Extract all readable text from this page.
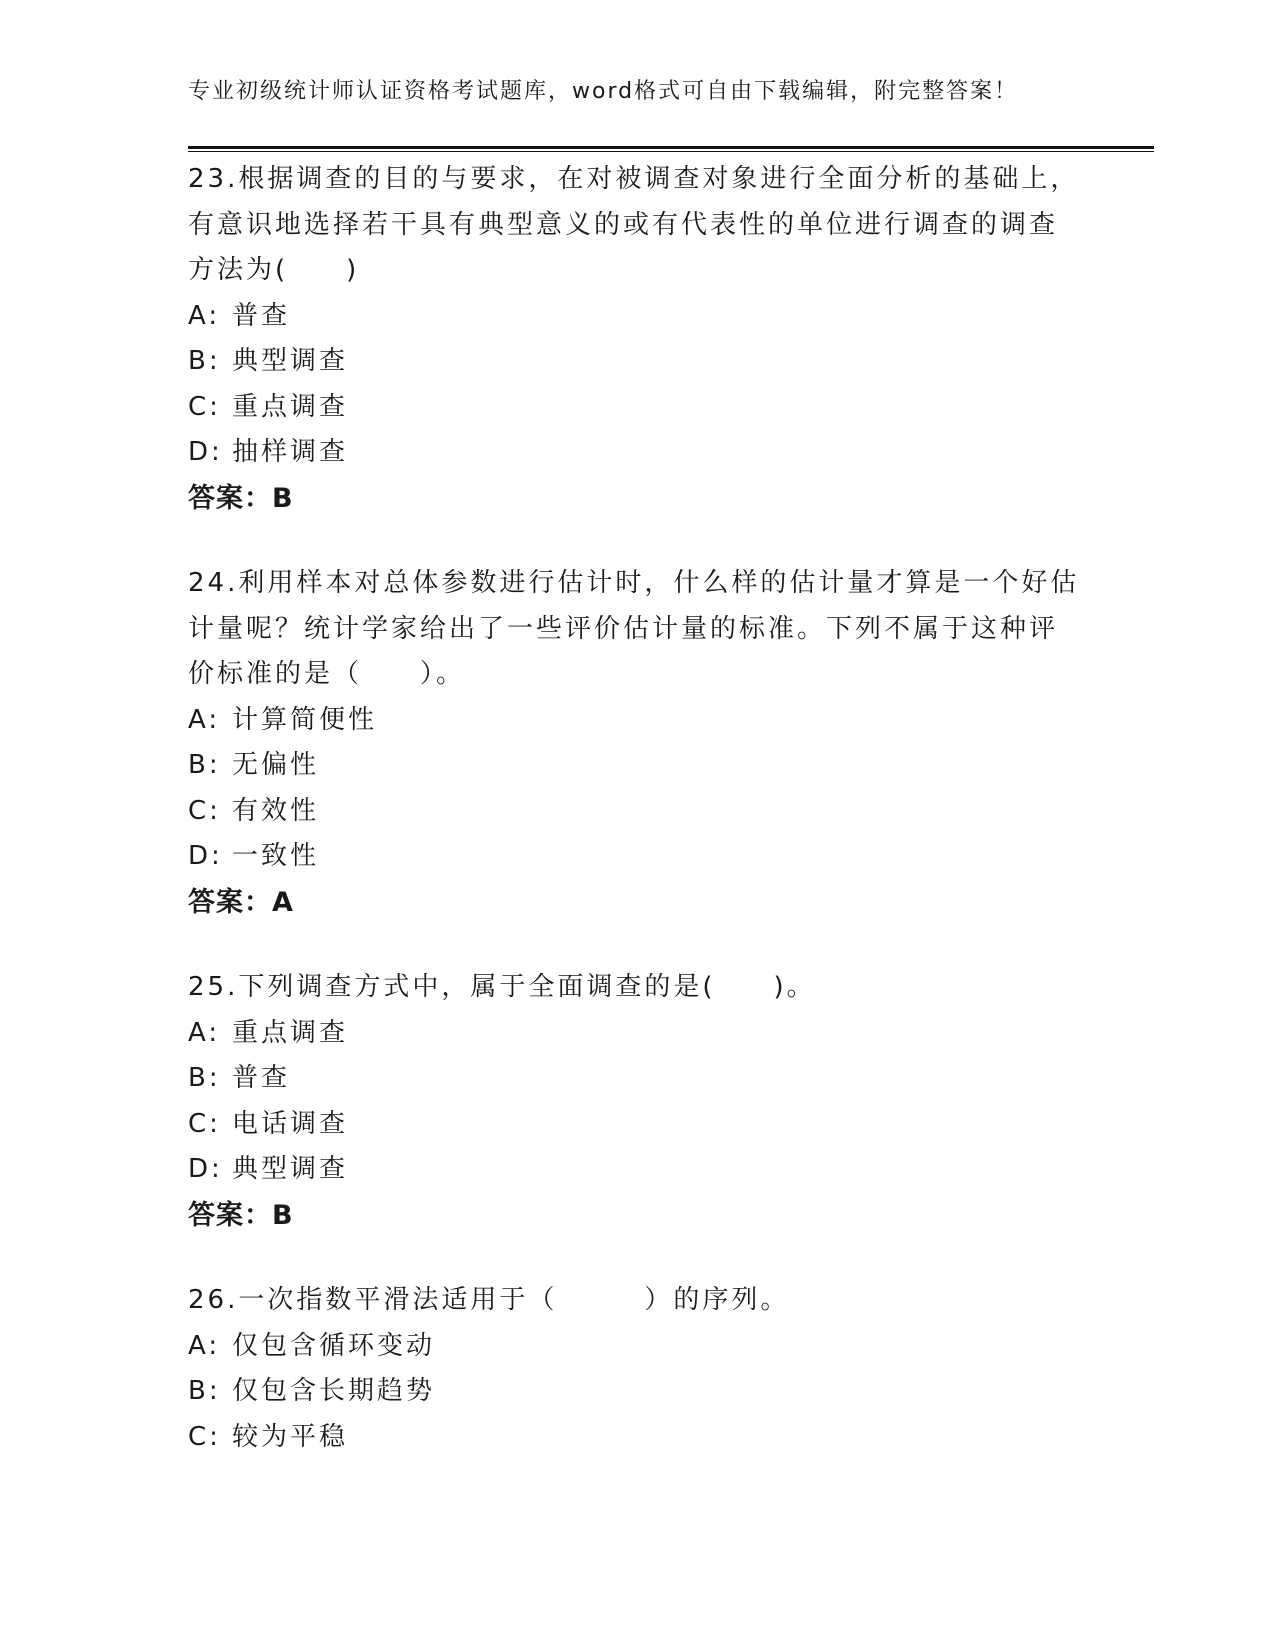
专业初级统计师认证资格考试题库，word格式可自由下载编辑，附完整答案！

23.根据调查的目的与要求，在对被调查对象进行全面分析的基础上，

有意识地选择若干具有典型意义的或有代表性的单位进行调查的调查

方法为(　　)

A: 普查

B: 典型调查

C: 重点调查

D: 抽样调查

答案：B

24.利用样本对总体参数进行估计时，什么样的估计量才算是一个好估

计量呢？统计学家给出了一些评价估计量的标准。下列不属于这种评

价标准的是（　　）。

A: 计算简便性

B: 无偏性

C: 有效性

D: 一致性

答案：A

25.下列调查方式中，属于全面调查的是(　　)。

A: 重点调查

B: 普查

C: 电话调查

D: 典型调查

答案：B

26.一次指数平滑法适用于（　　　）的序列。

A: 仅包含循环变动

B: 仅包含长期趋势

C: 较为平稳
